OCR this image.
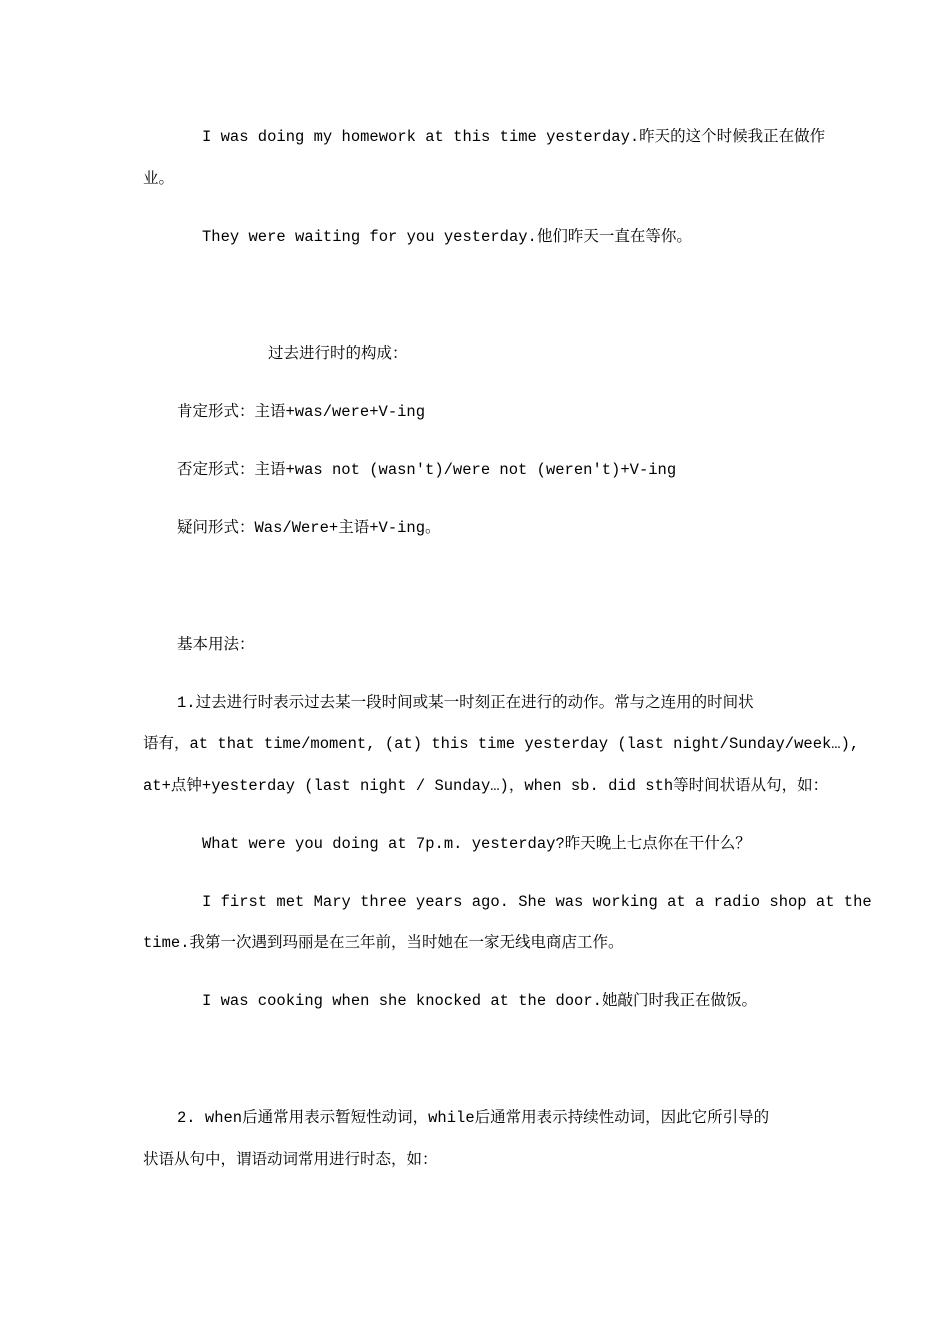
I was doing my homework at this time yesterday.昨天的这个时候我正在做作
业。
They were waiting for you yesterday.他们昨天一直在等你。
过去进行时的构成：
肯定形式：主语+was/were+V-ing
否定形式：主语+was not (wasn't)/were not (weren't)+V-ing
疑问形式：Was/Were+主语+V-ing。
基本用法：
1.过去进行时表示过去某一段时间或某一时刻正在进行的动作。常与之连用的时间状
语有，at that time/moment, (at) this time yesterday (last night/Sunday/week…),
at+点钟+yesterday (last night / Sunday…)，when sb. did sth等时间状语从句，如：
What were you doing at 7p.m. yesterday?昨天晚上七点你在干什么？
I first met Mary three years ago. She was working at a radio shop at the
time.我第一次遇到玛丽是在三年前，当时她在一家无线电商店工作。
I was cooking when she knocked at the door.她敲门时我正在做饭。
2. when后通常用表示暂短性动词，while后通常用表示持续性动词，因此它所引导的
状语从句中，谓语动词常用进行时态，如：
